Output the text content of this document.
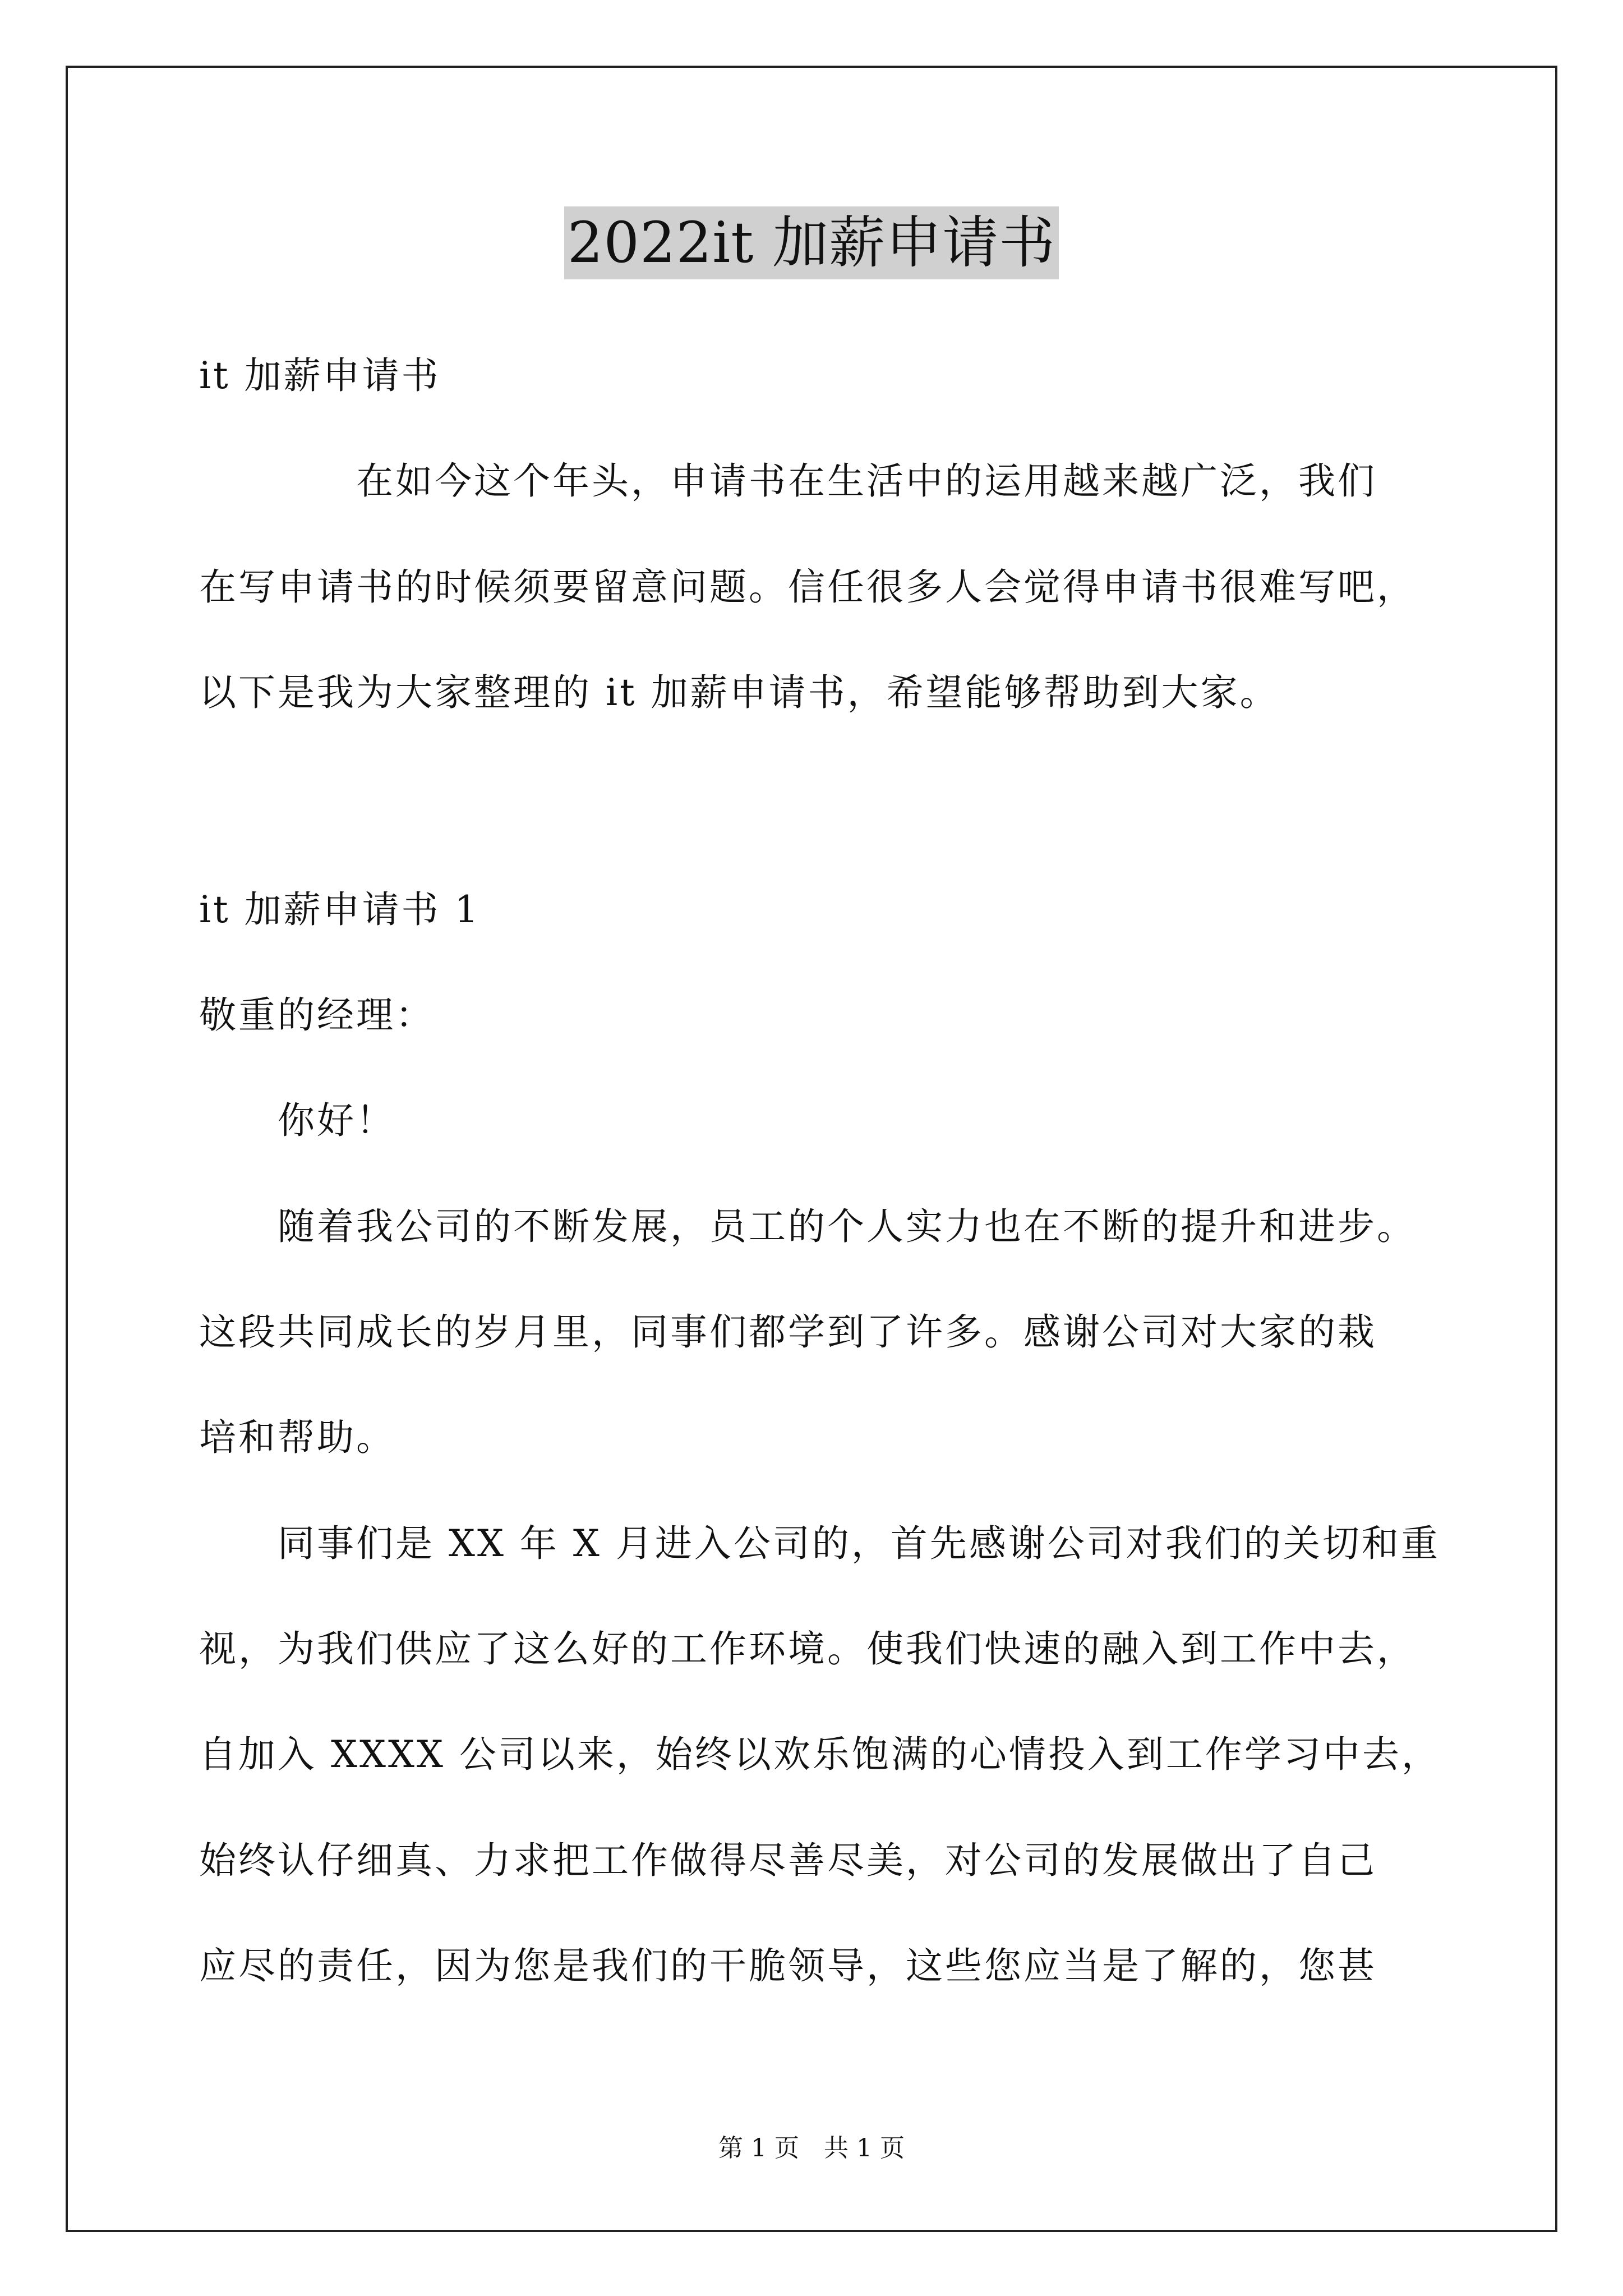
2022it 加薪申请书
it 加薪申请书
　　　　在如今这个年头，申请书在生活中的运用越来越广泛，我们
在写申请书的时候须要留意问题。信任很多人会觉得申请书很难写吧，
以下是我为大家整理的 it 加薪申请书，希望能够帮助到大家。
it 加薪申请书 1
敬重的经理：
　　你好！
　　随着我公司的不断发展，员工的个人实力也在不断的提升和进步。
这段共同成长的岁月里，同事们都学到了许多。感谢公司对大家的栽
培和帮助。
　　同事们是 XX 年 X 月进入公司的，首先感谢公司对我们的关切和重
视，为我们供应了这么好的工作环境。使我们快速的融入到工作中去，
自加入 XXXX 公司以来，始终以欢乐饱满的心情投入到工作学习中去，
始终认仔细真、力求把工作做得尽善尽美，对公司的发展做出了自己
应尽的责任，因为您是我们的干脆领导，这些您应当是了解的，您甚
第 1 页　共 1 页
